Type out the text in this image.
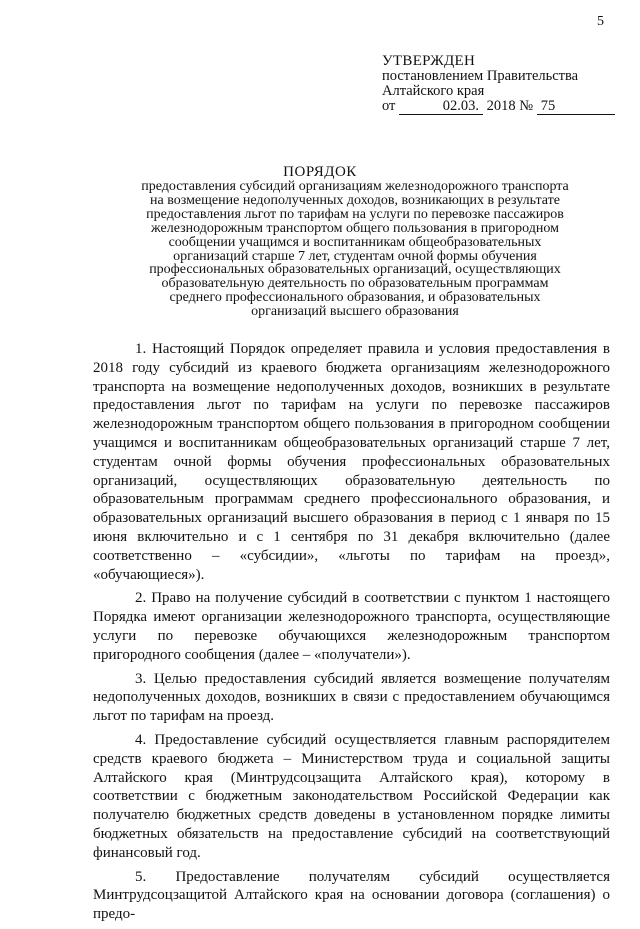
5
УТВЕРЖДЕН
постановлением Правительства
Алтайского края
от	02.03. 2018 № 75
ПОРЯДОК
предоставления субсидий организациям железнодорожного транспорта на возмещение недополученных доходов, возникающих в результате предоставления льгот по тарифам на услуги по перевозке пассажиров железнодорожным транспортом общего пользования в пригородном сообщении учащимся и воспитанникам общеобразовательных организаций старше 7 лет, студентам очной формы обучения профессиональных образовательных организаций, осуществляющих образовательную деятельность по образовательным программам среднего профессионального образования, и образовательных организаций высшего образования

1. Настоящий Порядок определяет правила и условия предоставления в 2018 году субсидий из краевого бюджета организациям железнодорожного транспорта на возмещение недополученных доходов, возникших в результате предоставления льгот по тарифам на услуги по перевозке пассажиров железнодорожным транспортом общего пользования в пригородном сообщении учащимся и воспитанникам общеобразовательных организаций старше 7 лет, студентам очной формы обучения профессиональных образовательных организаций, осуществляющих образовательную деятельность по образовательным программам среднего профессионального образования, и образовательных организаций высшего образования в период с 1 января по 15 июня включительно и с 1 сентября по 31 декабря включительно (далее соответственно – «субсидии», «льготы по тарифам на проезд», «обучающиеся»).

2. Право на получение субсидий в соответствии с пунктом 1 настоящего Порядка имеют организации железнодорожного транспорта, осуществляющие услуги по перевозке обучающихся железнодорожным транспортом пригородного сообщения (далее – «получатели»).

3. Целью предоставления субсидий является возмещение получателям недополученных доходов, возникших в связи с предоставлением обучающимся льгот по тарифам на проезд.

4. Предоставление субсидий осуществляется главным распорядителем средств краевого бюджета – Министерством труда и социальной защиты Алтайского края (Минтрудсоцзащита Алтайского края), которому в соответствии с бюджетным законодательством Российской Федерации как получателю бюджетных средств доведены в установленном порядке лимиты бюджетных обязательств на предоставление субсидий на соответствующий финансовый год.

5. Предоставление получателям субсидий осуществляется Минтрудсоцзащитой Алтайского края на основании договора (соглашения) о предо-
